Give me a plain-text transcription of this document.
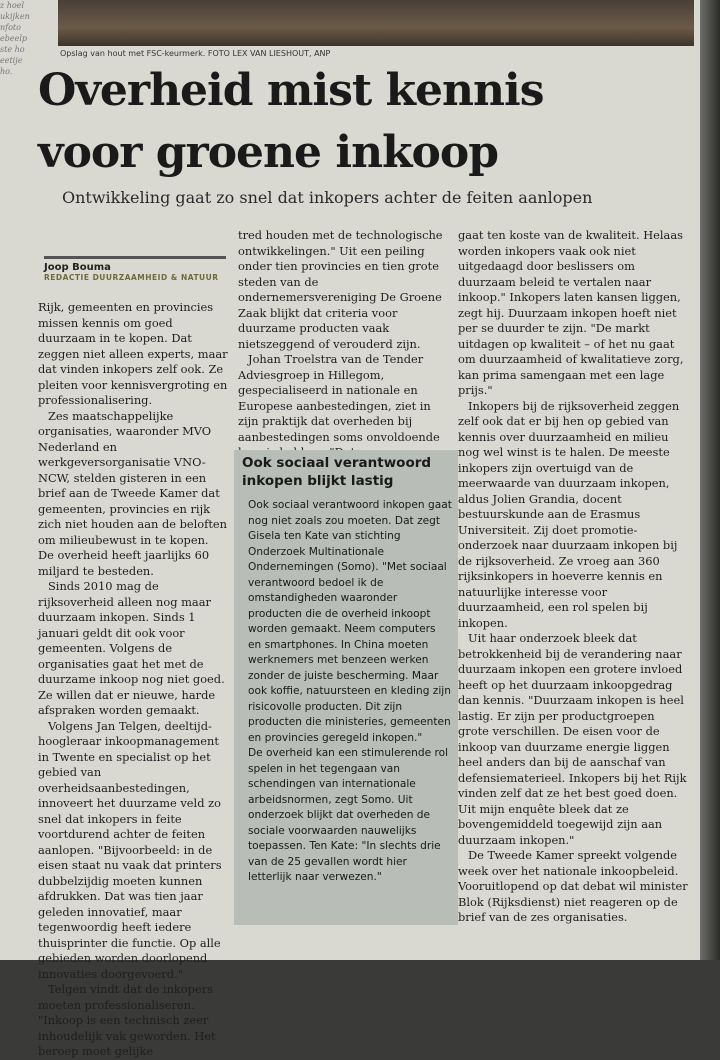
z hoel
ukijken
nfoto
ebeelp
ste ho
eetije
ho.
Opslag van hout met FSC-keurmerk. FOTO LEX VAN LIESHOUT, ANP
Overheid mist kennis
voor groene inkoop
Ontwikkeling gaat zo snel dat inkopers achter de feiten aanlopen
Joop Bouma
REDACTIE DUURZAAMHEID & NATUUR

Rijk, gemeenten en provincies missen kennis om goed duurzaam in te kopen. Dat zeggen niet alleen experts, maar dat vinden inkopers zelf ook. Ze pleiten voor kennisvergroting en professionalisering.

Zes maatschappelijke organisaties, waaronder MVO Nederland en werkgeversorganisatie VNO-NCW, stelden gisteren in een brief aan de Tweede Kamer dat gemeenten, provincies en rijk zich niet houden aan de beloften om milieubewust in te kopen. De overheid heeft jaarlijks 60 miljard te besteden.

Sinds 2010 mag de rijksoverheid alleen nog maar duurzaam inkopen. Sinds 1 januari geldt dit ook voor gemeenten. Volgens de organisaties gaat het met de duurzame inkoop nog niet goed. Ze willen dat er nieuwe, harde afspraken worden gemaakt.

Volgens Jan Telgen, deeltijd-hoogleraar inkoopmanagement in Twente en specialist op het gebied van overheidsaanbestedingen, innoveert het duurzame veld zo snel dat inkopers in feite voortdurend achter de feiten aanlopen. "Bijvoorbeeld: in de eisen staat nu vaak dat printers dubbelzijdig moeten kunnen afdrukken. Dat was tien jaar geleden innovatief, maar tegenwoordig heeft iedere thuisprinter die functie. Op alle gebieden worden doorlopend innovaties doorgevoerd."

Telgen vindt dat de inkopers moeten professionaliseren. "Inkoop is een technisch zeer inhoudelijk vak geworden. Het beroep moet gelijke

tred houden met de technologische ontwikkelingen." Uit een peiling onder tien provincies en tien grote steden van de ondernemersvereniging De Groene Zaak blijkt dat criteria voor duurzame producten vaak nietszeggend of verouderd zijn.

Johan Troelstra van de Tender Adviesgroep in Hillegom, gespecialiseerd in nationale en Europese aanbestedingen, ziet in zijn praktijk dat overheden bij aanbestedingen soms onvoldoende

Ook sociaal verantwoord inkopen blijkt lastig

Ook sociaal verantwoord inkopen gaat nog niet zoals zou moeten. Dat zegt Gisela ten Kate van stichting Onderzoek Multinationale Ondernemingen (Somo). "Met sociaal verantwoord bedoel ik de omstandigheden waaronder producten die de overheid inkoopt worden gemaakt. Neem computers en smartphones. In China moeten werknemers met benzeen werken zonder de juiste bescherming. Maar ook koffie, natuursteen en kleding zijn risicovolle producten. Dit zijn producten die ministeries, gemeenten en provincies geregeld inkopen."

De overheid kan een stimulerende rol spelen in het tegengaan van schendingen van internationale arbeidsnormen, zegt Somo. Uit onderzoek blijkt dat overheden de sociale voorwaarden nauwelijks toepassen. Ten Kate: "In slechts drie van de 25 gevallen wordt hier letterlijk naar verwezen."

gaat ten koste van de kwaliteit. Helaas worden inkopers vaak ook niet uitgedaagd door beslissers om duurzaam beleid te vertalen naar inkoop." Inkopers laten kansen liggen, zegt hij. Duurzaam inkopen hoeft niet per se duurder te zijn. "De markt uitdagen op kwaliteit – of het nu gaat om duurzaamheid of kwalitatieve zorg, kan prima samengaan met een lage prijs."

Inkopers bij de rijksoverheid zeggen zelf ook dat er bij hen op gebied van kennis over duurzaamheid en milieu nog wel winst is te halen. De meeste inkopers zijn overtuigd van de meerwaarde van duurzaam inkopen, aldus Jolien Grandia, docent bestuurskunde aan de Erasmus Universiteit. Zij doet promotie-onderzoek naar duurzaam inkopen bij de rijksoverheid. Ze vroeg aan 360 rijksinkopers in hoeverre kennis en natuurlijke interesse voor duurzaamheid, een rol spelen bij inkopen.

Uit haar onderzoek bleek dat betrokkenheid bij de verandering naar duurzaam inkopen een grotere invloed heeft op het duurzaam inkoopgedrag dan kennis. "Duurzaam inkopen is heel lastig. Er zijn per productgroepen grote verschillen. De eisen voor de inkoop van duurzame energie liggen heel anders dan bij de aanschaf van defensiematerieel. Inkopers bij het Rijk vinden zelf dat ze het best goed doen. Uit mijn enquête bleek dat ze bovengemiddeld toegewijd zijn aan duurzaam inkopen."

De Tweede Kamer spreekt volgende week over het nationale inkoopbeleid. Vooruitlopend op dat debat wil minister Blok (Rijksdienst) niet reageren op de brief van de zes organisaties.
